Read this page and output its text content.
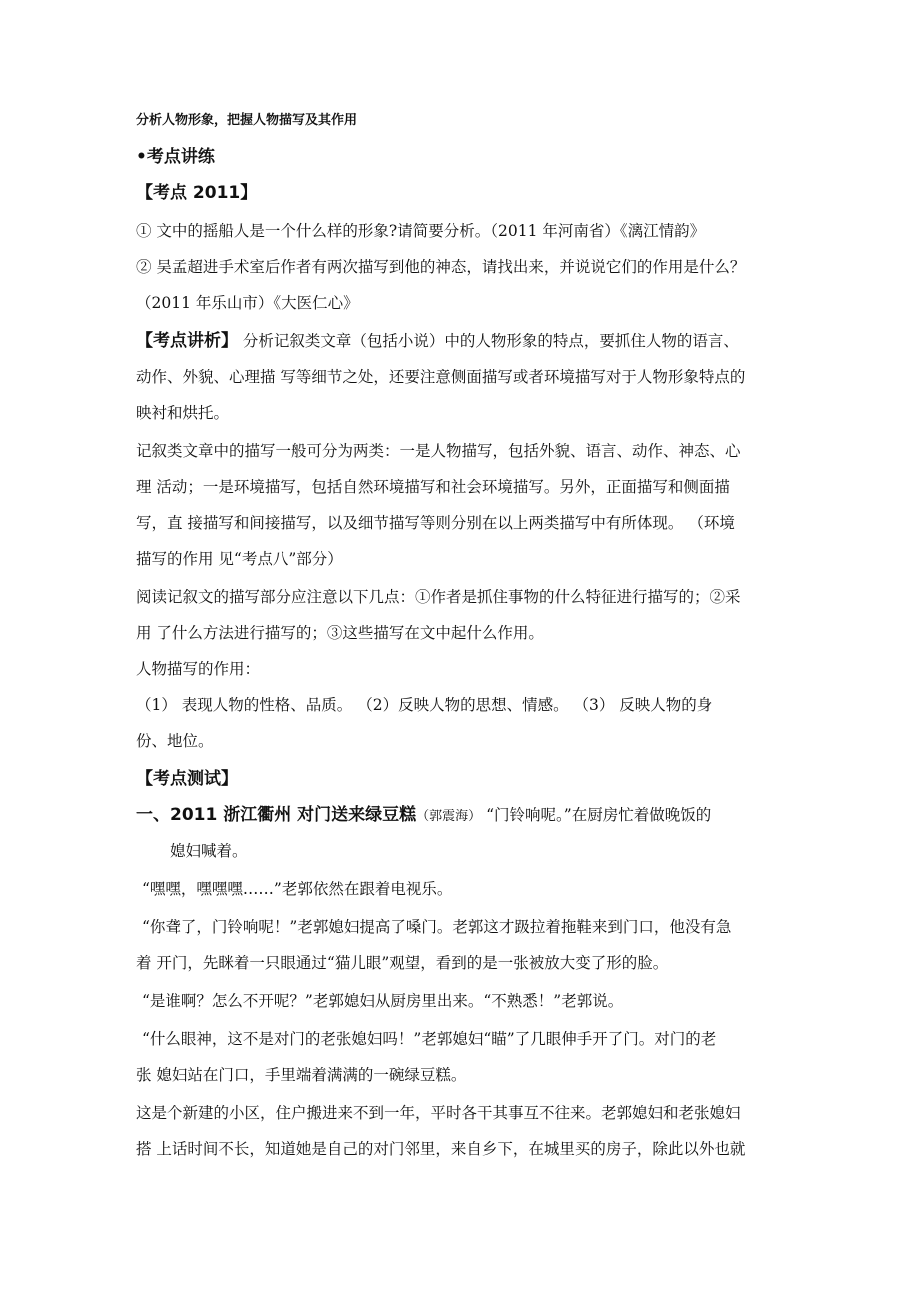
分析人物形象，把握人物描写及其作用
•考点讲练
【考点 2011】
① 文中的摇船人是一个什么样的形象?请简要分析。（2011 年河南省）《漓江情韵》
② 吴孟超进手术室后作者有两次描写到他的神态，请找出来，并说说它们的作用是什么？
（2011 年乐山市）《大医仁心》
【考点讲析】 分析记叙类文章（包括小说）中的人物形象的特点，要抓住人物的语言、
动作、外貌、心理描 写等细节之处，还要注意侧面描写或者环境描写对于人物形象特点的
映衬和烘托。
记叙类文章中的描写一般可分为两类：一是人物描写，包括外貌、语言、动作、神态、心
理 活动；一是环境描写，包括自然环境描写和社会环境描写。另外，正面描写和侧面描
写，直 接描写和间接描写，以及细节描写等则分别在以上两类描写中有所体现。 （环境
描写的作用 见“考点八”部分）
阅读记叙文的描写部分应注意以下几点：①作者是抓住事物的什么特征进行描写的；②采
用 了什么方法进行描写的；③这些描写在文中起什么作用。
人物描写的作用：
（1） 表现人物的性格、品质。 （2）反映人物的思想、情感。 （3） 反映人物的身
份、地位。
【考点测试】
一、2011 浙江衢州 对门送来绿豆糕（郭震海） “门铃响呢。”在厨房忙着做晚饭的
媳妇喊着。
“嘿嘿，嘿嘿嘿……”老郭依然在跟着电视乐。
“你聋了，门铃响呢！”老郭媳妇提高了嗓门。老郭这才趿拉着拖鞋来到门口，他没有急
着 开门，先眯着一只眼通过“猫儿眼”观望，看到的是一张被放大变了形的脸。
“是谁啊？怎么不开呢？”老郭媳妇从厨房里出来。“不熟悉！”老郭说。
“什么眼神，这不是对门的老张媳妇吗！”老郭媳妇“瞄”了几眼伸手开了门。对门的老
张 媳妇站在门口，手里端着满满的一碗绿豆糕。
这是个新建的小区，住户搬进来不到一年，平时各干其事互不往来。老郭媳妇和老张媳妇
搭 上话时间不长，知道她是自己的对门邻里，来自乡下，在城里买的房子，除此以外也就
